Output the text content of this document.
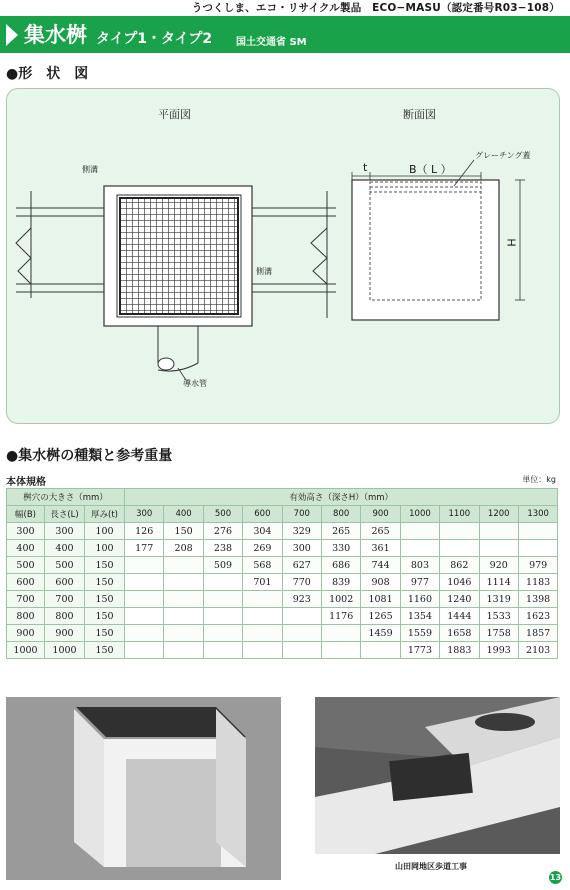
うつくしま、エコ・リサイクル製品　ECO−MASU（認定番号R03−108）
集水桝 タイプ1・タイプ2 国土交通省 SM
●形　状　図
平面図	断面図
側溝
側溝
導水管
t	B（ L ）
H
グレーチング蓋
●集水桝の種類と参考重量
本体規格	単位：kg
桝穴の大きさ（mm）			有効高さ（深さH）（mm）										
幅(B)	長さ(L)	厚み(t)	300	400	500	600	700	800	900	1000	1100	1200	1300
300	300	100	126	150	276	304	329	265	265				
400	400	100	177	208	238	269	300	330	361				
500	500	150			509	568	627	686	744	803	862	920	979
600	600	150				701	770	839	908	977	1046	1114	1183
700	700	150					923	1002	1081	1160	1240	1319	1398
800	800	150						1176	1265	1354	1444	1533	1623
900	900	150							1459	1559	1658	1758	1857
1000	1000	150								1773	1883	1993	2103
山田岡地区歩道工事
13
